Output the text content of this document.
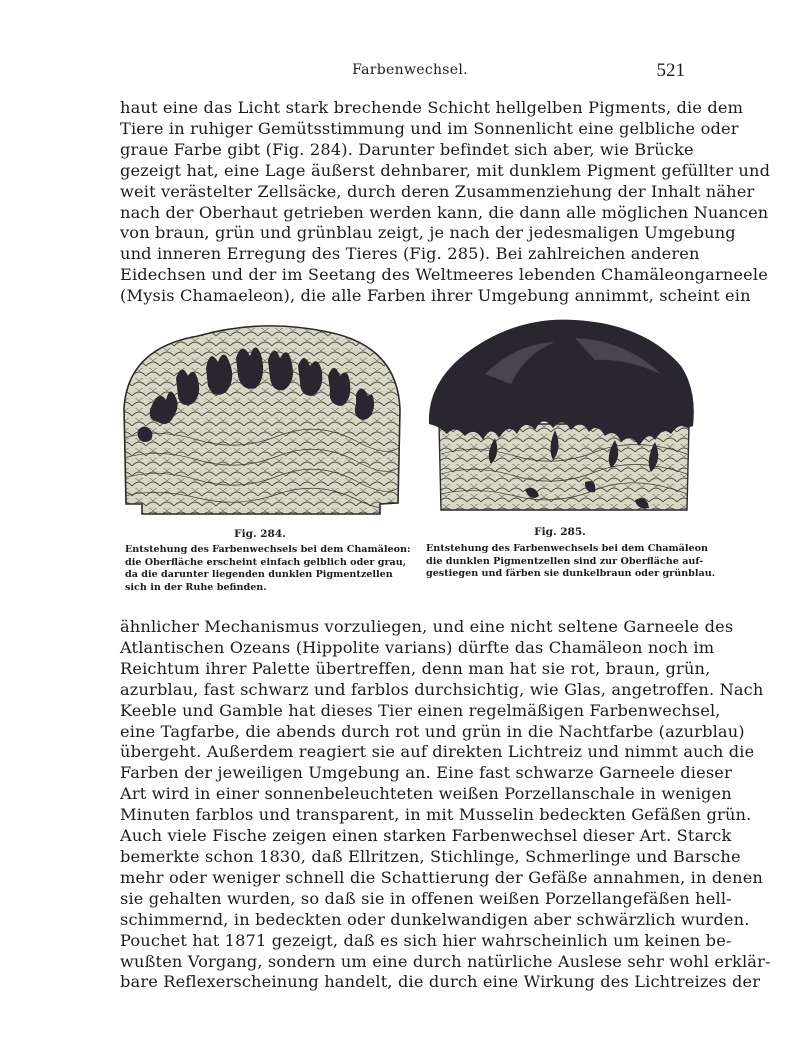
Farbenwechsel.	521
haut eine das Licht stark brechende Schicht hellgelben Pigments, die dem
Tiere in ruhiger Gemütsstimmung und im Sonnenlicht eine gelbliche oder
graue Farbe gibt (Fig. 284). Darunter befindet sich aber, wie Brücke
gezeigt hat, eine Lage äußerst dehnbarer, mit dunklem Pigment gefüllter und
weit verästelter Zellsäcke, durch deren Zusammenziehung der Inhalt näher
nach der Oberhaut getrieben werden kann, die dann alle möglichen Nuancen
von braun, grün und grünblau zeigt, je nach der jedesmaligen Umgebung
und inneren Erregung des Tieres (Fig. 285). Bei zahlreichen anderen
Eidechsen und der im Seetang des Weltmeeres lebenden Chamäleongarneele
(Mysis Chamaeleon), die alle Farben ihrer Umgebung annimmt, scheint ein
Fig. 284.
Entstehung des Farbenwechsels bei dem Chamäleon:
die Oberfläche erscheint einfach gelblich oder grau,
da die darunter liegenden dunklen Pigmentzellen
sich in der Ruhe befinden.
Fig. 285.
Entstehung des Farbenwechsels bei dem Chamäleon
die dunklen Pigmentzellen sind zur Oberfläche auf-
gestiegen und färben sie dunkelbraun oder grünblau.
ähnlicher Mechanismus vorzuliegen, und eine nicht seltene Garneele des
Atlantischen Ozeans (Hippolite varians) dürfte das Chamäleon noch im
Reichtum ihrer Palette übertreffen, denn man hat sie rot, braun, grün,
azurblau, fast schwarz und farblos durchsichtig, wie Glas, angetroffen. Nach
Keeble und Gamble hat dieses Tier einen regelmäßigen Farbenwechsel,
eine Tagfarbe, die abends durch rot und grün in die Nachtfarbe (azurblau)
übergeht. Außerdem reagiert sie auf direkten Lichtreiz und nimmt auch die
Farben der jeweiligen Umgebung an. Eine fast schwarze Garneele dieser
Art wird in einer sonnenbeleuchteten weißen Porzellanschale in wenigen
Minuten farblos und transparent, in mit Musselin bedeckten Gefäßen grün.
Auch viele Fische zeigen einen starken Farbenwechsel dieser Art. Starck
bemerkte schon 1830, daß Ellritzen, Stichlinge, Schmerlinge und Barsche
mehr oder weniger schnell die Schattierung der Gefäße annahmen, in denen
sie gehalten wurden, so daß sie in offenen weißen Porzellangefäßen hell-
schimmernd, in bedeckten oder dunkelwandigen aber schwärzlich wurden.
Pouchet hat 1871 gezeigt, daß es sich hier wahrscheinlich um keinen be-
wußten Vorgang, sondern um eine durch natürliche Auslese sehr wohl erklär-
bare Reflexerscheinung handelt, die durch eine Wirkung des Lichtreizes der
